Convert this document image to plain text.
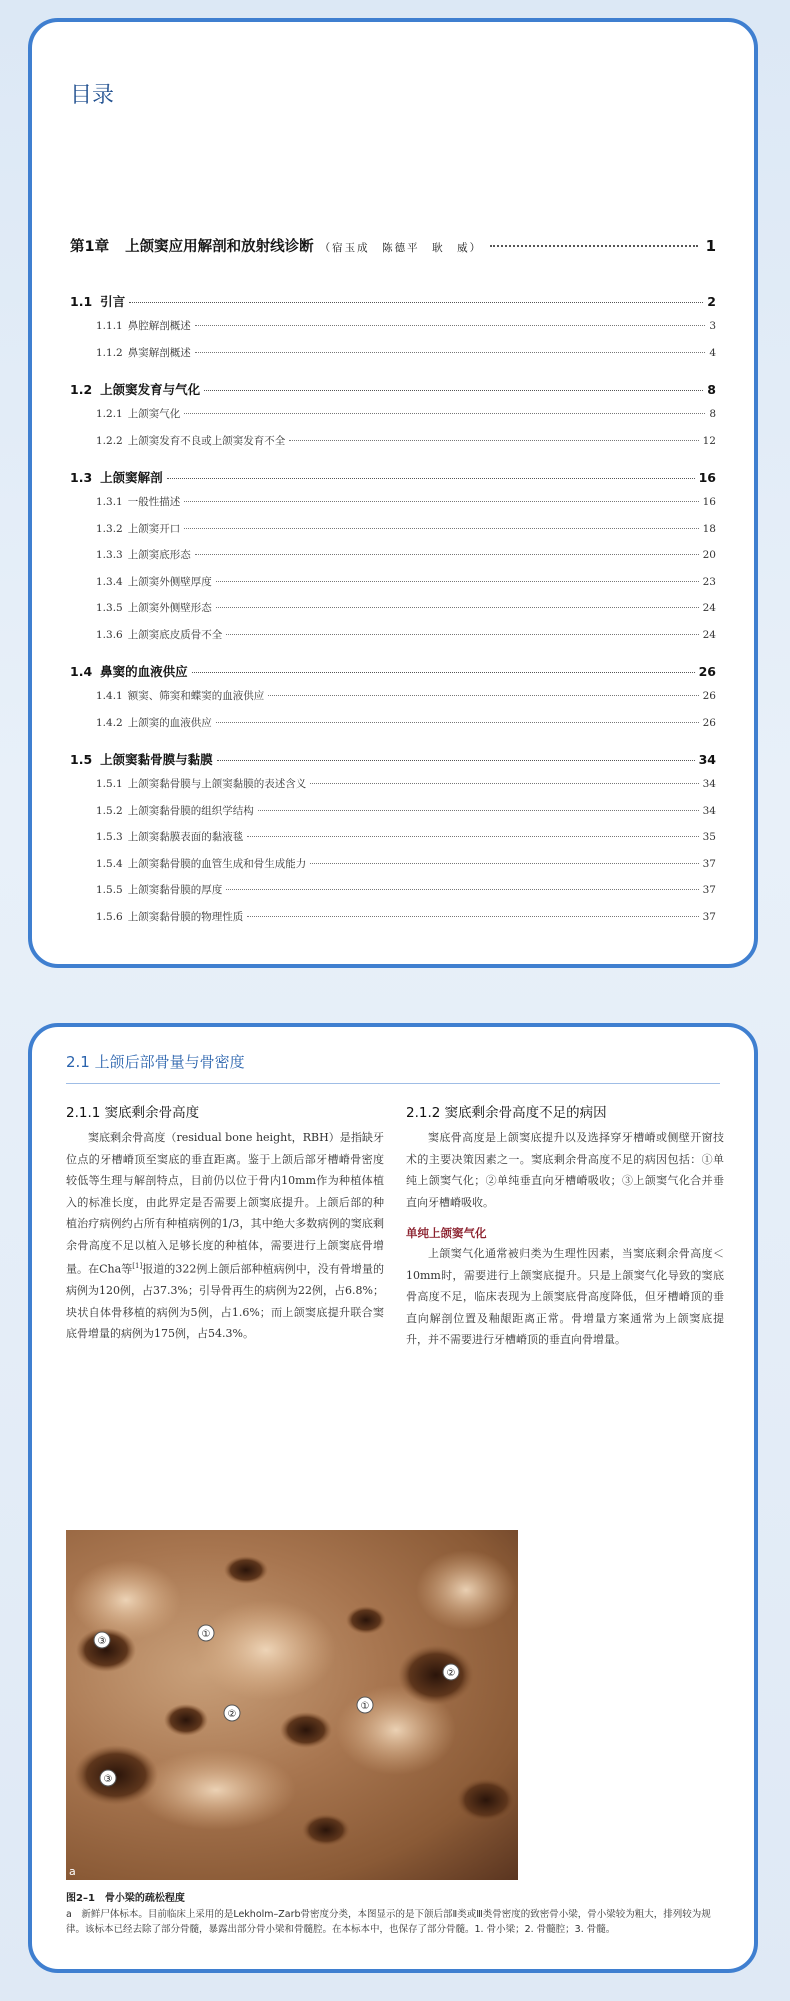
目录
第1章 上颌窦应用解剖和放射线诊断 （宿玉成　陈德平　耿　威）	1
1.1 引言	2
1.1.1 鼻腔解剖概述	3
1.1.2 鼻窦解剖概述	4
1.2 上颌窦发育与气化	8
1.2.1 上颌窦气化	8
1.2.2 上颌窦发育不良或上颌窦发育不全	12
1.3 上颌窦解剖	16
1.3.1 一般性描述	16
1.3.2 上颌窦开口	18
1.3.3 上颌窦底形态	20
1.3.4 上颌窦外侧壁厚度	23
1.3.5 上颌窦外侧壁形态	24
1.3.6 上颌窦底皮质骨不全	24
1.4 鼻窦的血液供应	26
1.4.1 额窦、筛窦和蝶窦的血液供应	26
1.4.2 上颌窦的血液供应	26
1.5 上颌窦黏骨膜与黏膜	34
1.5.1 上颌窦黏骨膜与上颌窦黏膜的表述含义	34
1.5.2 上颌窦黏骨膜的组织学结构	34
1.5.3 上颌窦黏膜表面的黏液毯	35
1.5.4 上颌窦黏骨膜的血管生成和骨生成能力	37
1.5.5 上颌窦黏骨膜的厚度	37
1.5.6 上颌窦黏骨膜的物理性质	37
2.1 上颌后部骨量与骨密度
2.1.1 窦底剩余骨高度

窦底剩余骨高度（residual bone height，RBH）是指缺牙位点的牙槽嵴顶至窦底的垂直距离。鉴于上颌后部牙槽嵴骨密度较低等生理与解剖特点，目前仍以位于骨内10mm作为种植体植入的标准长度，由此界定是否需要上颌窦底提升。上颌后部的种植治疗病例约占所有种植病例的1/3，其中绝大多数病例的窦底剩余骨高度不足以植入足够长度的种植体，需要进行上颌窦底骨增量。在Cha等[1]报道的322例上颌后部种植病例中，没有骨增量的病例为120例，占37.3%；引导骨再生的病例为22例，占6.8%；块状自体骨移植的病例为5例，占1.6%；而上颌窦底提升联合窦底骨增量的病例为175例，占54.3%。

2.1.2 窦底剩余骨高度不足的病因

窦底骨高度是上颌窦底提升以及选择穿牙槽嵴或侧壁开窗技术的主要决策因素之一。窦底剩余骨高度不足的病因包括：①单纯上颌窦气化；②单纯垂直向牙槽嵴吸收；③上颌窦气化合并垂直向牙槽嵴吸收。

单纯上颌窦气化

上颌窦气化通常被归类为生理性因素，当窦底剩余骨高度＜10mm时，需要进行上颌窦底提升。只是上颌窦气化导致的窦底骨高度不足，临床表现为上颌窦底骨高度降低，但牙槽嵴顶的垂直向解剖位置及釉龈距离正常。骨增量方案通常为上颌窦底提升，并不需要进行牙槽嵴顶的垂直向骨增量。

①
③
②
①
②
③
a
图2–1　骨小梁的疏松程度
a　新鲜尸体标本。目前临床上采用的是Lekholm–Zarb骨密度分类，本图显示的是下颌后部Ⅱ类或Ⅲ类骨密度的致密骨小梁，骨小梁较为粗大，排列较为规律。该标本已经去除了部分骨髓，暴露出部分骨小梁和骨髓腔。在本标本中，也保存了部分骨髓。1. 骨小梁；2. 骨髓腔；3. 骨髓。
